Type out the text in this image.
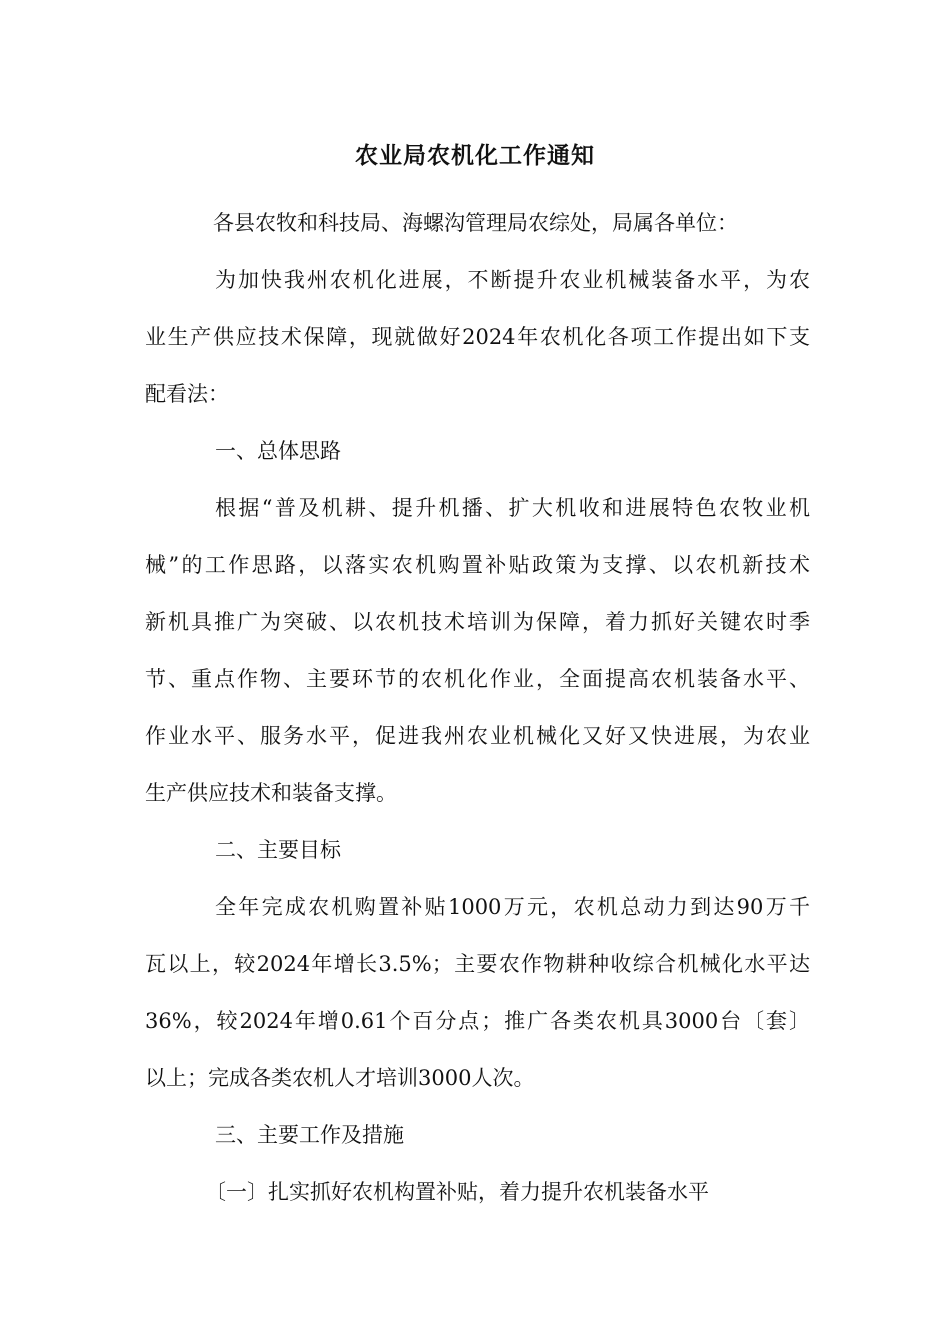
农业局农机化工作通知
各县农牧和科技局、海螺沟管理局农综处，局属各单位：
为加快我州农机化进展，不断提升农业机械装备水平，为农
业生产供应技术保障，现就做好2024年农机化各项工作提出如下支
配看法：
一、总体思路
根据“普及机耕、提升机播、扩大机收和进展特色农牧业机
械”的工作思路，以落实农机购置补贴政策为支撑、以农机新技术
新机具推广为突破、以农机技术培训为保障，着力抓好关键农时季
节、重点作物、主要环节的农机化作业，全面提高农机装备水平、
作业水平、服务水平，促进我州农业机械化又好又快进展，为农业
生产供应技术和装备支撑。
二、主要目标
全年完成农机购置补贴1000万元，农机总动力到达90万千
瓦以上，较2024年增长3.5%；主要农作物耕种收综合机械化水平达
36%，较2024年增0.61个百分点；推广各类农机具3000台〔套〕
以上；完成各类农机人才培训3000人次。
三、主要工作及措施
〔一〕扎实抓好农机构置补贴，着力提升农机装备水平
